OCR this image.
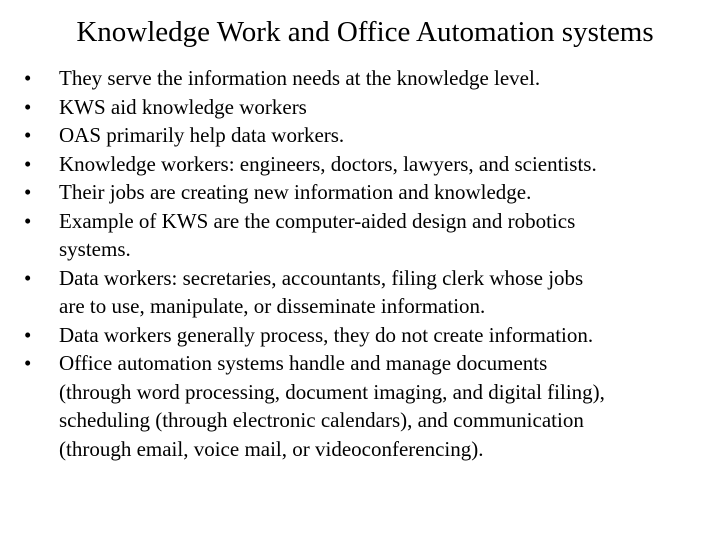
Knowledge Work and Office Automation systems
•	They serve the information needs at the knowledge level.
•	KWS aid knowledge workers
•	OAS primarily help data workers.
•	Knowledge workers: engineers, doctors, lawyers, and scientists.
•	Their jobs are creating new information and knowledge.
•	Example of KWS are the computer-aided design and robotics
systems.
•	Data workers: secretaries, accountants, filing clerk whose jobs
are to use, manipulate, or disseminate information.
•	Data workers generally process, they do not create information.
•	Office automation systems handle and manage documents
(through word processing, document imaging, and digital filing),
scheduling (through electronic calendars), and communication
(through email, voice mail, or videoconferencing).
